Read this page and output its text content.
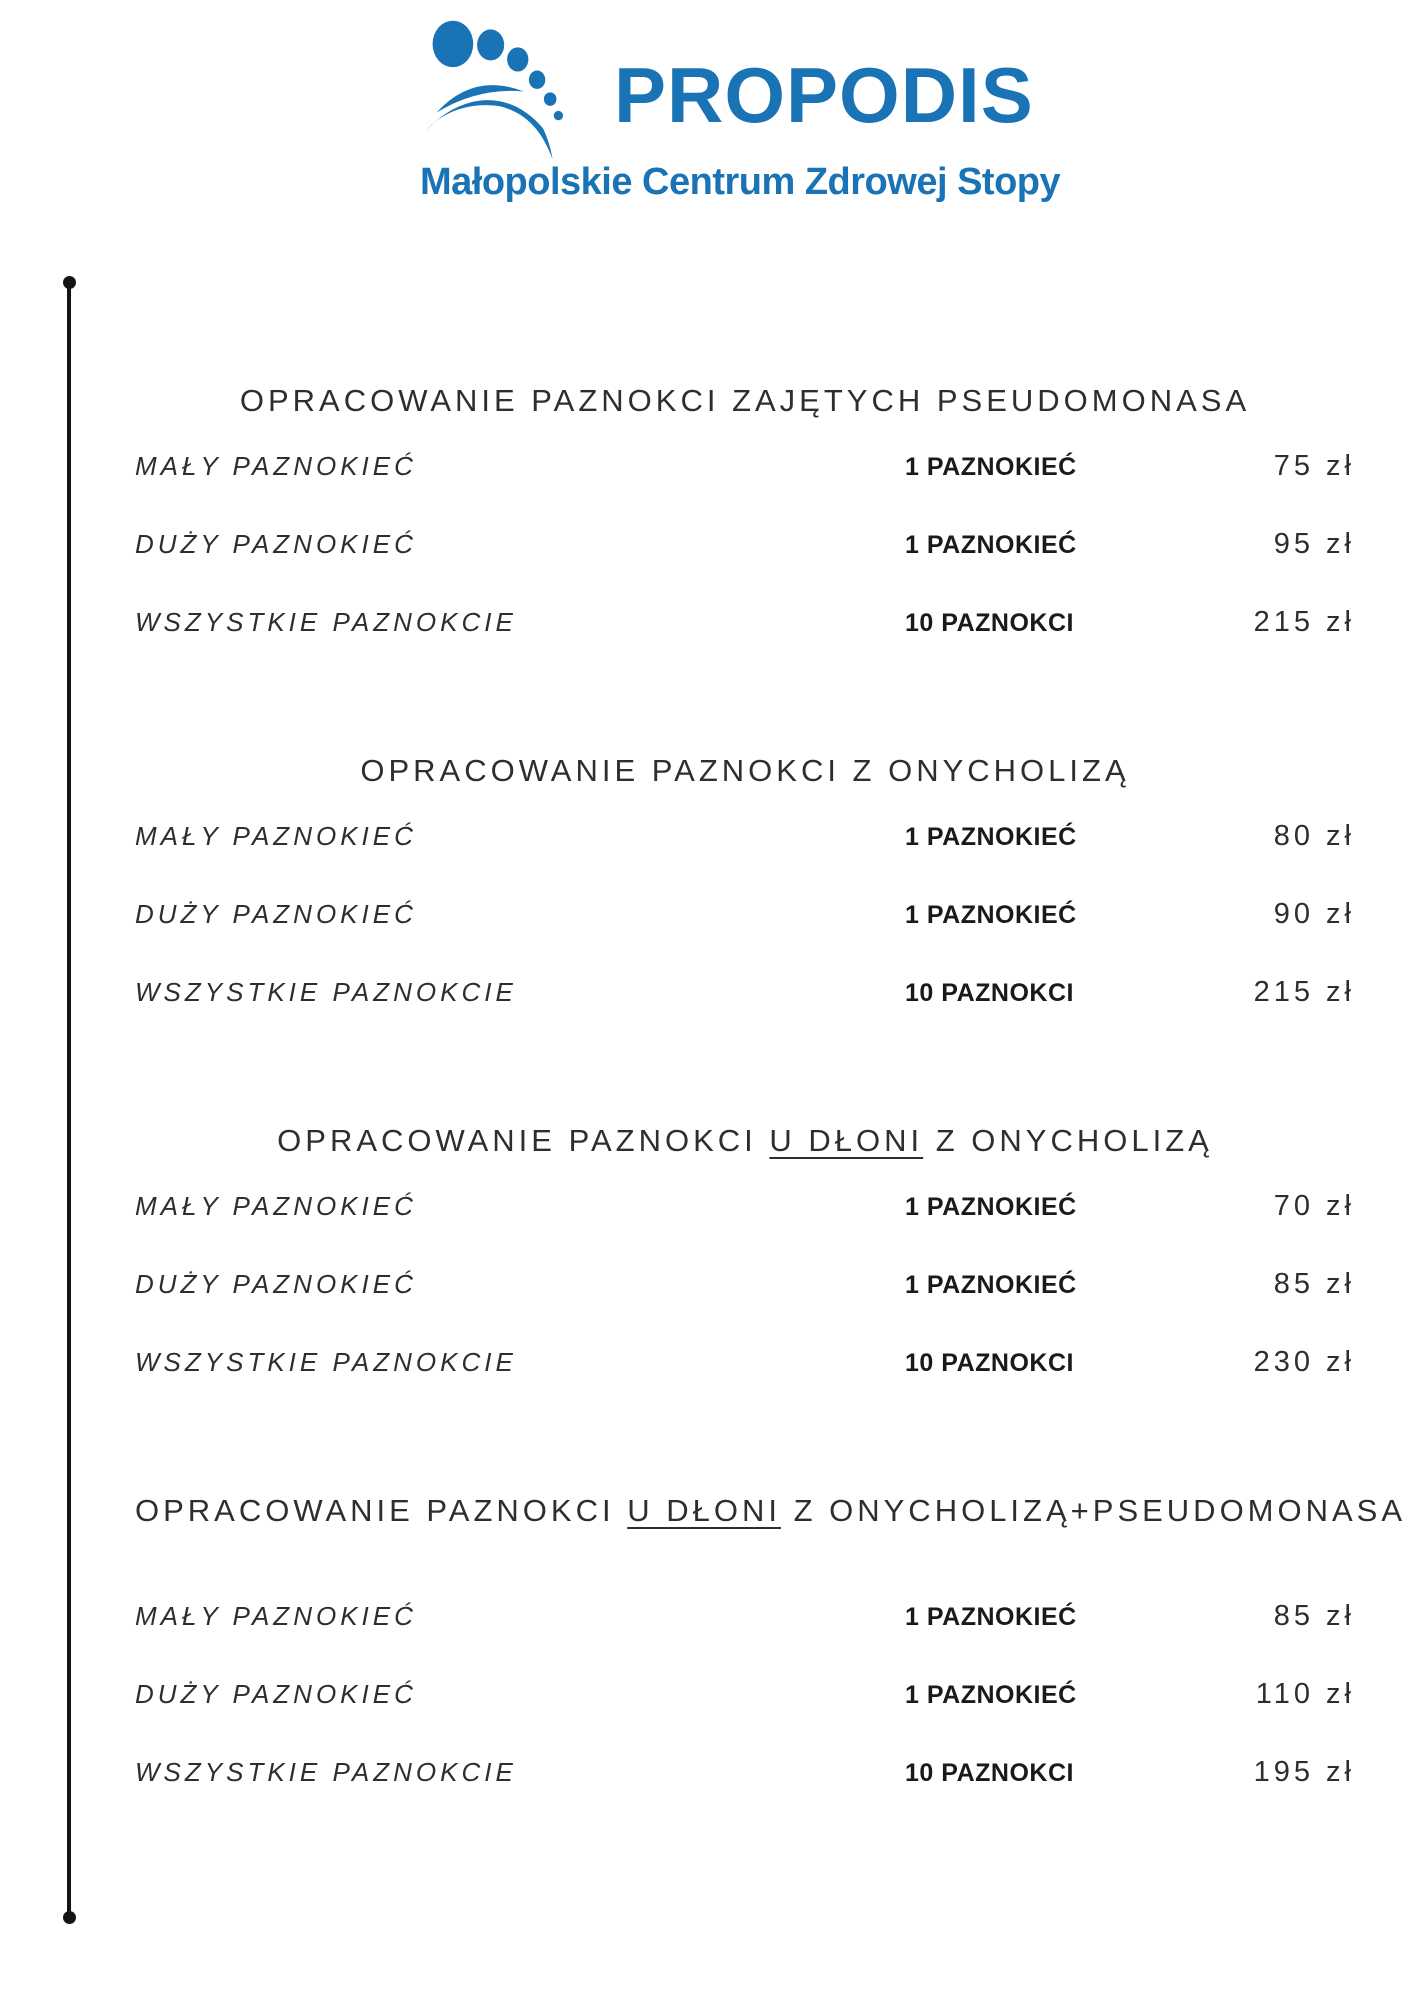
PROPODIS
Małopolskie Centrum Zdrowej Stopy
OPRACOWANIE PAZNOKCI ZAJĘTYCH PSEUDOMONASA
MAŁY PAZNOKIEĆ	1 PAZNOKIEĆ	75 zł
DUŻY PAZNOKIEĆ	1 PAZNOKIEĆ	95 zł
WSZYSTKIE PAZNOKCIE	10 PAZNOKCI	215 zł
OPRACOWANIE PAZNOKCI Z ONYCHOLIZĄ
MAŁY PAZNOKIEĆ	1 PAZNOKIEĆ	80 zł
DUŻY PAZNOKIEĆ	1 PAZNOKIEĆ	90 zł
WSZYSTKIE PAZNOKCIE	10 PAZNOKCI	215 zł
OPRACOWANIE PAZNOKCI U DŁONI Z ONYCHOLIZĄ
MAŁY PAZNOKIEĆ	1 PAZNOKIEĆ	70 zł
DUŻY PAZNOKIEĆ	1 PAZNOKIEĆ	85 zł
WSZYSTKIE PAZNOKCIE	10 PAZNOKCI	230 zł
OPRACOWANIE PAZNOKCI U DŁONI Z ONYCHOLIZĄ+PSEUDOMONASA
MAŁY PAZNOKIEĆ	1 PAZNOKIEĆ	85 zł
DUŻY PAZNOKIEĆ	1 PAZNOKIEĆ	110 zł
WSZYSTKIE PAZNOKCIE	10 PAZNOKCI	195 zł
